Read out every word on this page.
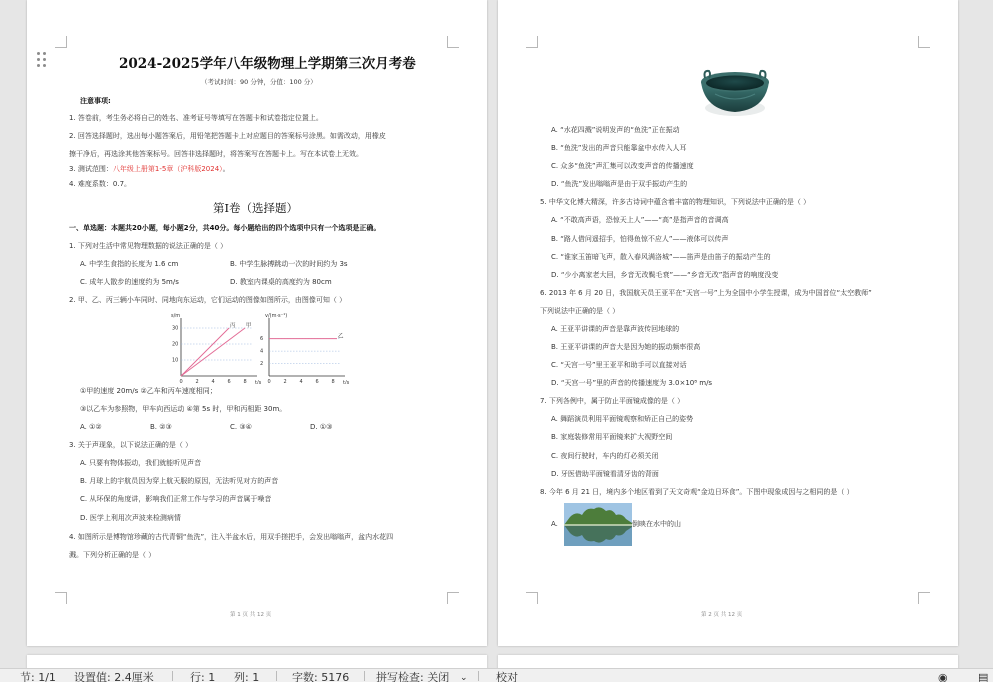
2024-2025学年八年级物理上学期第三次月考卷
（考试时间：90 分钟，分值：100 分）
注意事项:
1. 答卷前，考生务必将自己的姓名、准考证号等填写在答题卡和试卷指定位置上。
2. 回答选择题时，选出每小题答案后，用铅笔把答题卡上对应题目的答案标号涂黑。如需改动，用橡皮
擦干净后，再选涂其他答案标号。回答非选择题时，将答案写在答题卡上。写在本试卷上无效。
3. 测试范围：八年级上册第1-5章（沪科版2024）。
4. 难度系数：0.7。
第Ⅰ卷（选择题）
一、单选题：本题共20小题，每小题2分，共40分。每小题给出的四个选项中只有一个选项是正确。
1. 下列对生活中常见物理数据的说法正确的是（ ）
A. 中学生食指的长度为 1.6 cm	B. 中学生脉搏跳动一次的时间约为 3s
C. 成年人散步的速度约为 5m/s	D. 教室内课桌的高度约为 80cm
2. 甲、乙、丙三辆小车同时、同地向东运动，它们运动的图像如图所示，由图像可知（ ）
s/m
t/s
0	2	4	6	8
10
20
30	丙 甲
v/(m·s⁻¹)
t/s
0	2	4	6	8
2
4
6	乙
①甲的速度 20m/s ②乙车和丙车速度相同；
③以乙车为参照物，甲车向西运动 ④第 5s 时，甲和丙相距 30m。
A. ①②	B. ②③	C. ③④	D. ①③
3. 关于声现象，以下说法正确的是（ ）
A. 只要有物体振动，我们就能听见声音
B. 月球上的宇航员因为穿上航天服的原因，无法听见对方的声音
C. 从环保的角度讲，影响我们正常工作与学习的声音属于噪音
D. 医学上利用次声波来检测病情
4. 如图所示是博物馆珍藏的古代青铜“鱼洗”，注入半盆水后，用双手搓把手，会发出嗡嗡声，盆内水花四
溅。下列分析正确的是（ ）
第 1 页 共 12 页
A. “水花四溅”说明发声的“鱼洗”正在振动
B. “鱼洗”发出的声音只能靠盆中水传入人耳
C. 众多“鱼洗”声汇集可以改变声音的传播速度
D. “鱼洗”发出嗡嗡声是由于双手振动产生的
5. 中华文化博大精深，许多古诗词中蕴含着丰富的物理知识，下列说法中正确的是（ ）
A. “不敢高声语，恐惊天上人”——“高”是指声音的音调高
B. “路人借问遥招手，怕得鱼惊不应人”——液体可以传声
C. “谁家玉笛暗飞声，散入春风满洛城”——笛声是由笛子的振动产生的
D. “少小离家老大回，乡音无改鬓毛衰”——“乡音无改”指声音的响度没变
6. 2013 年 6 月 20 日，我国航天员王亚平在“天宫一号”上为全国中小学生授课，成为中国首位“太空教师”
下列说法中正确的是（ ）
A. 王亚平讲课的声音是靠声波传回地球的
B. 王亚平讲课的声音大是因为她的振动频率很高
C. “天宫一号”里王亚平和助手可以直接对话
D. “天宫一号”里的声音的传播速度为 3.0×10⁸ m/s
7. 下列各例中，属于防止平面镜成像的是（ ）
A. 舞蹈演员利用平面镜观察和矫正自己的姿势
B. 家庭装修常用平面镜来扩大视野空间
C. 夜间行驶时，车内的灯必须关闭
D. 牙医借助平面镜看清牙齿的背面
8. 今年 6 月 21 日，境内多个地区看到了天文奇观“金边日环食”。下图中现象成因与之相同的是（ ）
A.	倒映在水中的山
第 2 页 共 12 页
节: 1/1 设置值: 2.4厘米	行: 1 列: 1	字数: 5176 拼写检查: 关闭 ⌄	校对	◉	▤
